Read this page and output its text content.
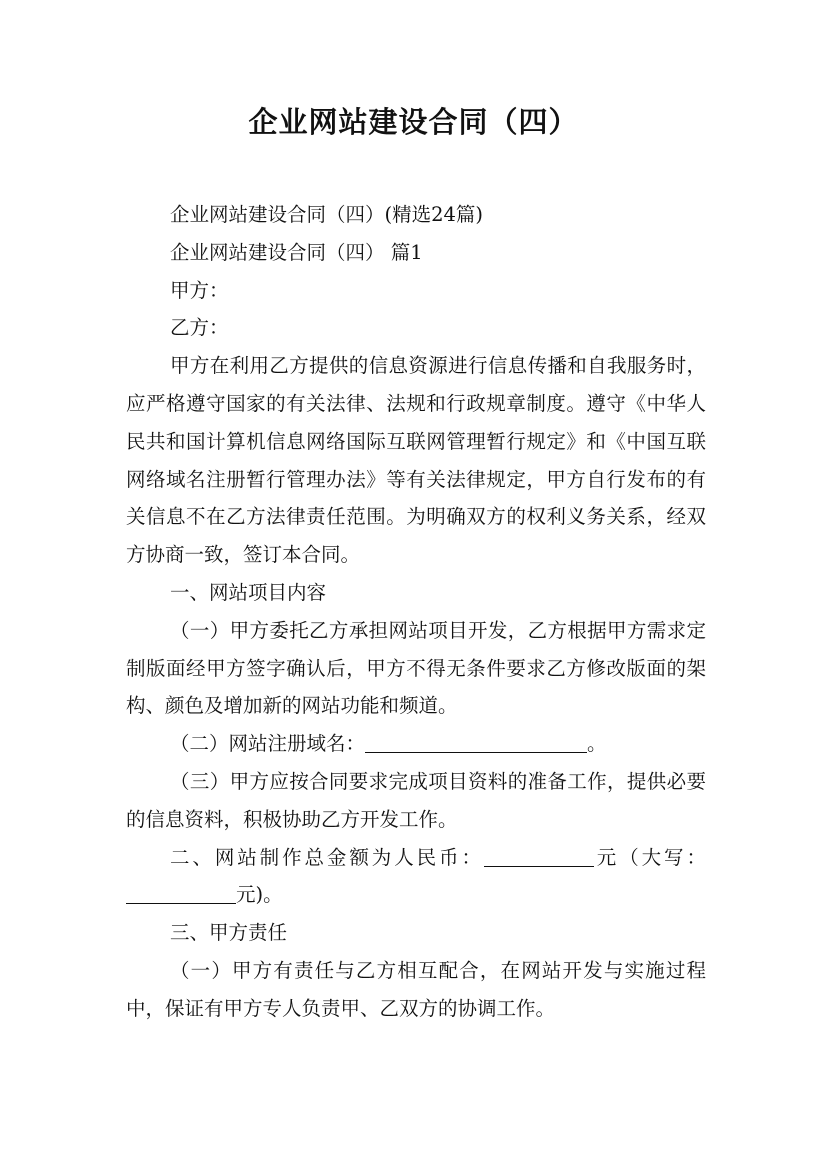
企业网站建设合同（四）

企业网站建设合同（四）(精选24篇)

企业网站建设合同（四） 篇1

甲方：

乙方：

甲方在利用乙方提供的信息资源进行信息传播和自我服务时，应严格遵守国家的有关法律、法规和行政规章制度。遵守《中华人民共和国计算机信息网络国际互联网管理暂行规定》和《中国互联网络域名注册暂行管理办法》等有关法律规定，甲方自行发布的有关信息不在乙方法律责任范围。为明确双方的权利义务关系，经双方协商一致，签订本合同。

一、网站项目内容

（一）甲方委托乙方承担网站项目开发，乙方根据甲方需求定制版面经甲方签字确认后，甲方不得无条件要求乙方修改版面的架构、颜色及增加新的网站功能和频道。

（二）网站注册域名：	。

（三）甲方应按合同要求完成项目资料的准备工作，提供必要的信息资料，积极协助乙方开发工作。

二、网站制作总金额为人民币：	元（大写：元)。

三、甲方责任

（一）甲方有责任与乙方相互配合，在网站开发与实施过程中，保证有甲方专人负责甲、乙双方的协调工作。
